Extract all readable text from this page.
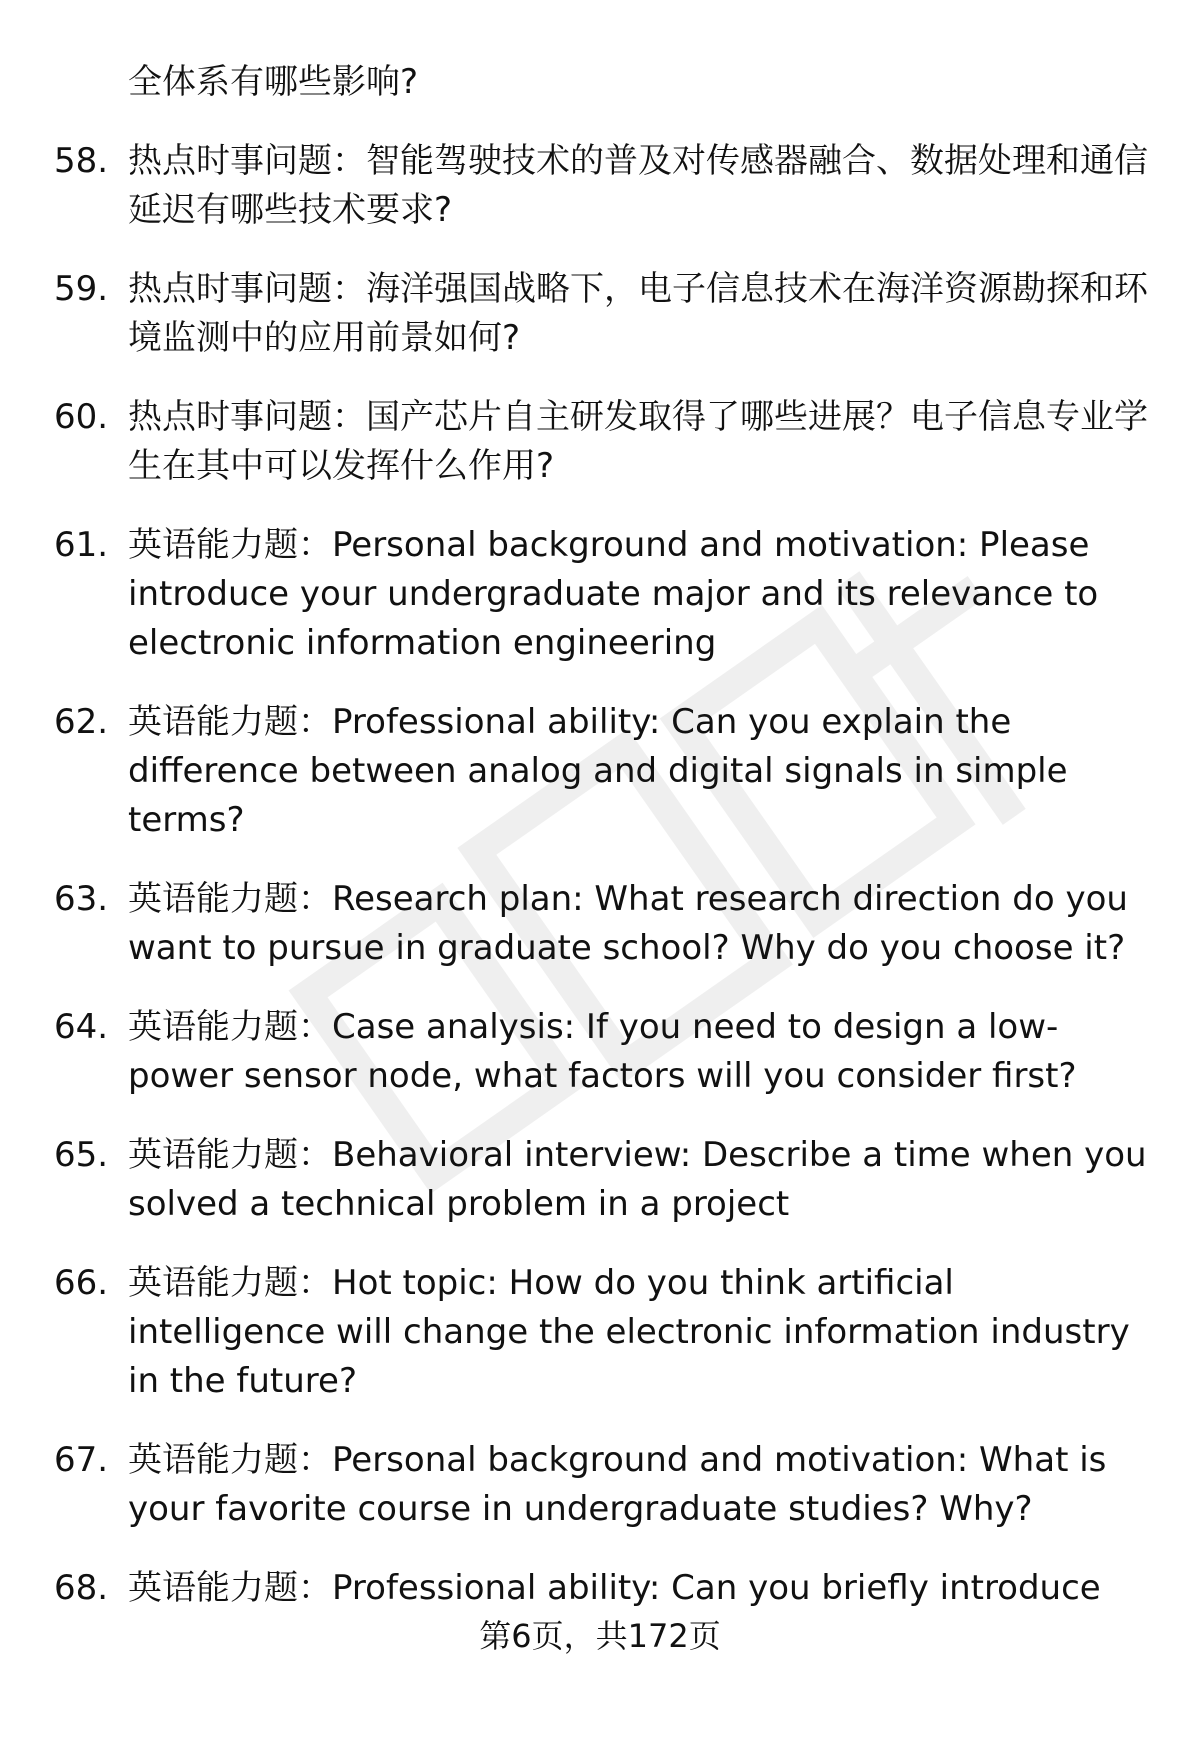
全体系有哪些影响?
58. 热点时事问题：智能驾驶技术的普及对传感器融合、数据处理和通信延迟有哪些技术要求?
59. 热点时事问题：海洋强国战略下，电子信息技术在海洋资源勘探和环境监测中的应用前景如何?
60. 热点时事问题：国产芯片自主研发取得了哪些进展？电子信息专业学生在其中可以发挥什么作用?
61. 英语能力题：Personal background and motivation: Please introduce your undergraduate major and its relevance to electronic information engineering
62. 英语能力题：Professional ability: Can you explain the difference between analog and digital signals in simple terms?
63. 英语能力题：Research plan: What research direction do you want to pursue in graduate school? Why do you choose it?
64. 英语能力题：Case analysis: If you need to design a low-power sensor node, what factors will you consider first?
65. 英语能力题：Behavioral interview: Describe a time when you solved a technical problem in a project
66. 英语能力题：Hot topic: How do you think artificial intelligence will change the electronic information industry in the future?
67. 英语能力题：Personal background and motivation: What is your favorite course in undergraduate studies? Why?
68. 英语能力题：Professional ability: Can you briefly introduce
第6页，共172页
